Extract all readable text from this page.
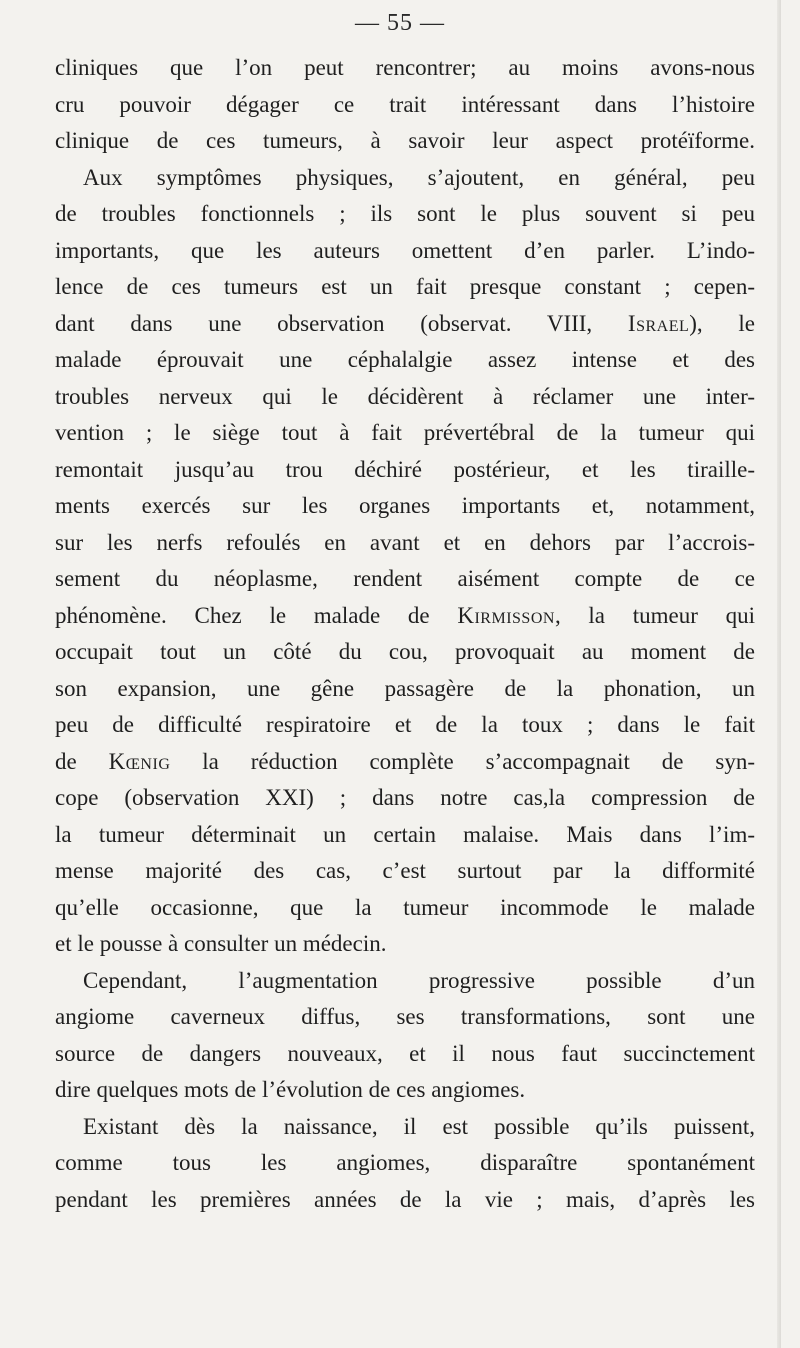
— 55 —
cliniques que l’on peut rencontrer; au moins avons-nous
cru pouvoir dégager ce trait intéressant dans l’histoire
clinique de ces tumeurs, à savoir leur aspect protéïforme.
Aux symptômes physiques, s’ajoutent, en général, peu
de troubles fonctionnels ; ils sont le plus souvent si peu
importants, que les auteurs omettent d’en parler. L’indo-
lence de ces tumeurs est un fait presque constant ; cepen-
dant dans une observation (observat. VIII, Israel), le
malade éprouvait une céphalalgie assez intense et des
troubles nerveux qui le décidèrent à réclamer une inter-
vention ; le siège tout à fait prévertébral de la tumeur qui
remontait jusqu’au trou déchiré postérieur, et les tiraille-
ments exercés sur les organes importants et, notamment,
sur les nerfs refoulés en avant et en dehors par l’accrois-
sement du néoplasme, rendent aisément compte de ce
phénomène. Chez le malade de Kirmisson, la tumeur qui
occupait tout un côté du cou, provoquait au moment de
son expansion, une gêne passagère de la phonation, un
peu de difficulté respiratoire et de la toux ; dans le fait
de Kœnig la réduction complète s’accompagnait de syn-
cope (observation XXI) ; dans notre cas,la compression de
la tumeur déterminait un certain malaise. Mais dans l’im-
mense majorité des cas, c’est surtout par la difformité
qu’elle occasionne, que la tumeur incommode le malade
et le pousse à consulter un médecin.
Cependant, l’augmentation progressive possible d’un
angiome caverneux diffus, ses transformations, sont une
source de dangers nouveaux, et il nous faut succinctement
dire quelques mots de l’évolution de ces angiomes.
Existant dès la naissance, il est possible qu’ils puissent,
comme tous les angiomes, disparaître spontanément
pendant les premières années de la vie ; mais, d’après les
